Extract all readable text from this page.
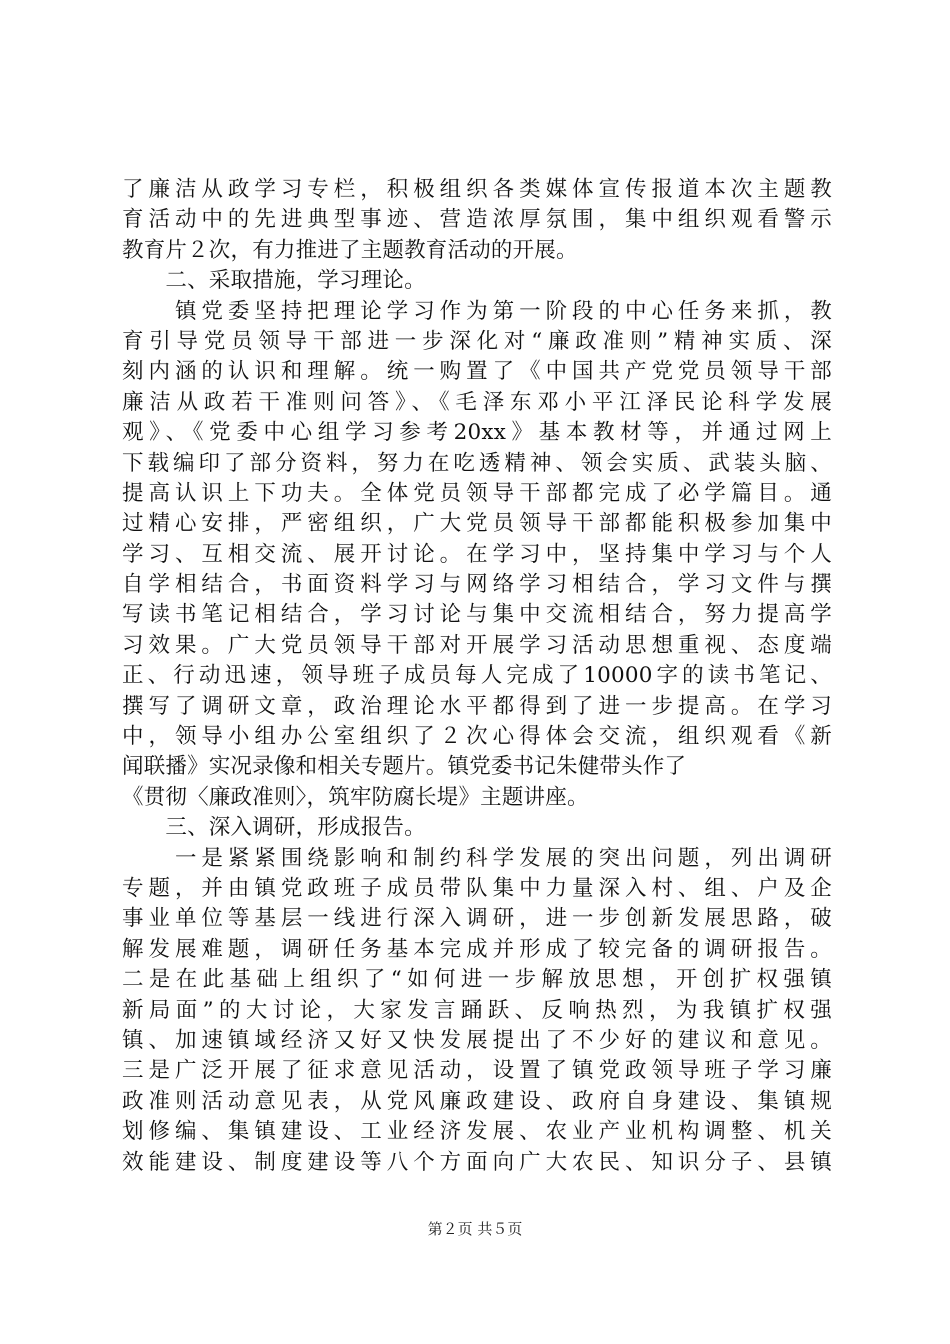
了廉洁从政学习专栏，积极组织各类媒体宣传报道本次主题教
育活动中的先进典型事迹、营造浓厚氛围，集中组织观看警示
教育片２次，有力推进了主题教育活动的开展。
　　二、采取措施，学习理论。
　　镇党委坚持把理论学习作为第一阶段的中心任务来抓，教
育引导党员领导干部进一步深化对“廉政准则”精神实质、深
刻内涵的认识和理解。统一购置了《中国共产党党员领导干部
廉洁从政若干准则问答》、《毛泽东邓小平江泽民论科学发展
观》、《党委中心组学习参考20xx》基本教材等，并通过网上
下载编印了部分资料，努力在吃透精神、领会实质、武装头脑、
提高认识上下功夫。全体党员领导干部都完成了必学篇目。通
过精心安排，严密组织，广大党员领导干部都能积极参加集中
学习、互相交流、展开讨论。在学习中，坚持集中学习与个人
自学相结合，书面资料学习与网络学习相结合，学习文件与撰
写读书笔记相结合，学习讨论与集中交流相结合，努力提高学
习效果。广大党员领导干部对开展学习活动思想重视、态度端
正、行动迅速，领导班子成员每人完成了10000字的读书笔记、
撰写了调研文章，政治理论水平都得到了进一步提高。在学习
中，领导小组办公室组织了２次心得体会交流，组织观看《新
闻联播》实况录像和相关专题片。镇党委书记朱健带头作了
《贯彻〈廉政准则〉，筑牢防腐长堤》主题讲座。
　　三、深入调研，形成报告。
　　一是紧紧围绕影响和制约科学发展的突出问题，列出调研
专题，并由镇党政班子成员带队集中力量深入村、组、户及企
事业单位等基层一线进行深入调研，进一步创新发展思路，破
解发展难题，调研任务基本完成并形成了较完备的调研报告。
二是在此基础上组织了“如何进一步解放思想，开创扩权强镇
新局面”的大讨论，大家发言踊跃、反响热烈，为我镇扩权强
镇、加速镇域经济又好又快发展提出了不少好的建议和意见。
三是广泛开展了征求意见活动，设置了镇党政领导班子学习廉
政准则活动意见表，从党风廉政建设、政府自身建设、集镇规
划修编、集镇建设、工业经济发展、农业产业机构调整、机关
效能建设、制度建设等八个方面向广大农民、知识分子、县镇
第２页 共５页
